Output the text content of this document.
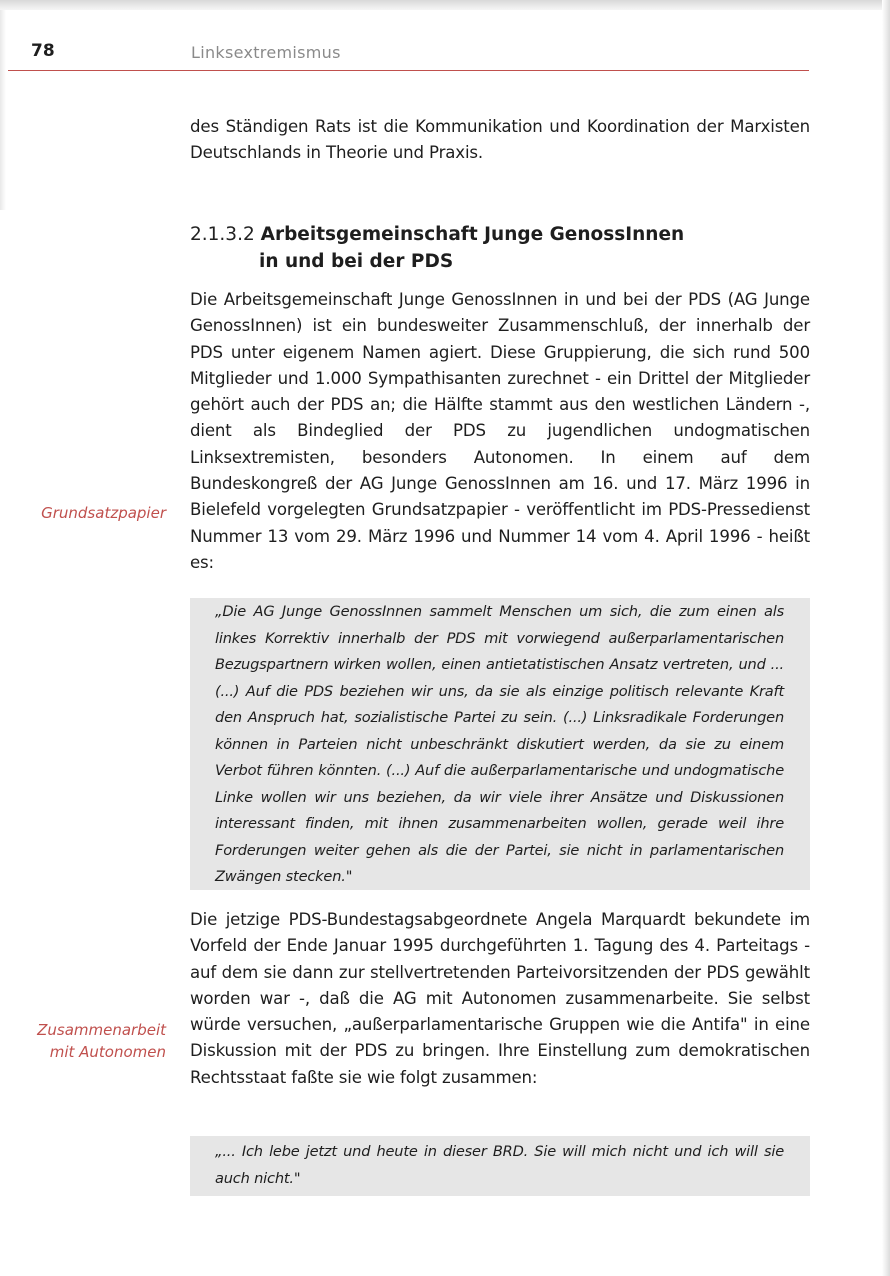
78	Linksextremismus
des Ständigen Rats ist die Kommunikation und Koordination der Marxisten Deutschlands in Theorie und Praxis.
2.1.3.2 Arbeitsgemeinschaft Junge GenossInnen
in und bei der PDS
Die Arbeitsgemeinschaft Junge GenossInnen in und bei der PDS (AG Junge GenossInnen) ist ein bundesweiter Zusammenschluß, der innerhalb der PDS unter eigenem Namen agiert. Diese Gruppierung, die sich rund 500 Mitglieder und 1.000 Sympathisanten zurechnet - ein Drittel der Mitglieder gehört auch der PDS an; die Hälfte stammt aus den westlichen Ländern -, dient als Bindeglied der PDS zu jugendlichen undogmatischen Linksextremisten, besonders Autonomen. In einem auf dem Bundeskongreß der AG Junge GenossInnen am 16. und 17. März 1996 in Bielefeld vorgelegten Grundsatzpapier - veröffentlicht im PDS-Pressedienst Nummer 13 vom 29. März 1996 und Nummer 14 vom 4. April 1996 - heißt es:
Grundsatzpapier

„Die AG Junge GenossInnen sammelt Menschen um sich, die zum einen als linkes Korrektiv innerhalb der PDS mit vorwiegend außerparlamentarischen Bezugspartnern wirken wollen, einen antietatistischen Ansatz vertreten, und ... (...) Auf die PDS beziehen wir uns, da sie als einzige politisch relevante Kraft den Anspruch hat, sozialistische Partei zu sein. (...) Linksradikale Forderungen können in Parteien nicht unbeschränkt diskutiert werden, da sie zu einem Verbot führen könnten. (...) Auf die außerparlamentarische und undogmatische Linke wollen wir uns beziehen, da wir viele ihrer Ansätze und Diskussionen interessant finden, mit ihnen zusammenarbeiten wollen, gerade weil ihre Forderungen weiter gehen als die der Partei, sie nicht in parlamentarischen Zwängen stecken."

Die jetzige PDS-Bundestagsabgeordnete Angela Marquardt bekundete im Vorfeld der Ende Januar 1995 durchgeführten 1. Tagung des 4. Parteitags - auf dem sie dann zur stellvertretenden Parteivorsitzenden der PDS gewählt worden war -, daß die AG mit Autonomen zusammenarbeite. Sie selbst würde versuchen, „außerparlamentarische Gruppen wie die Antifa" in eine Diskussion mit der PDS zu bringen. Ihre Einstellung zum demokratischen Rechtsstaat faßte sie wie folgt zusammen:
Zusammenarbeit
mit Autonomen

„... Ich lebe jetzt und heute in dieser BRD. Sie will mich nicht und ich will sie auch nicht."
